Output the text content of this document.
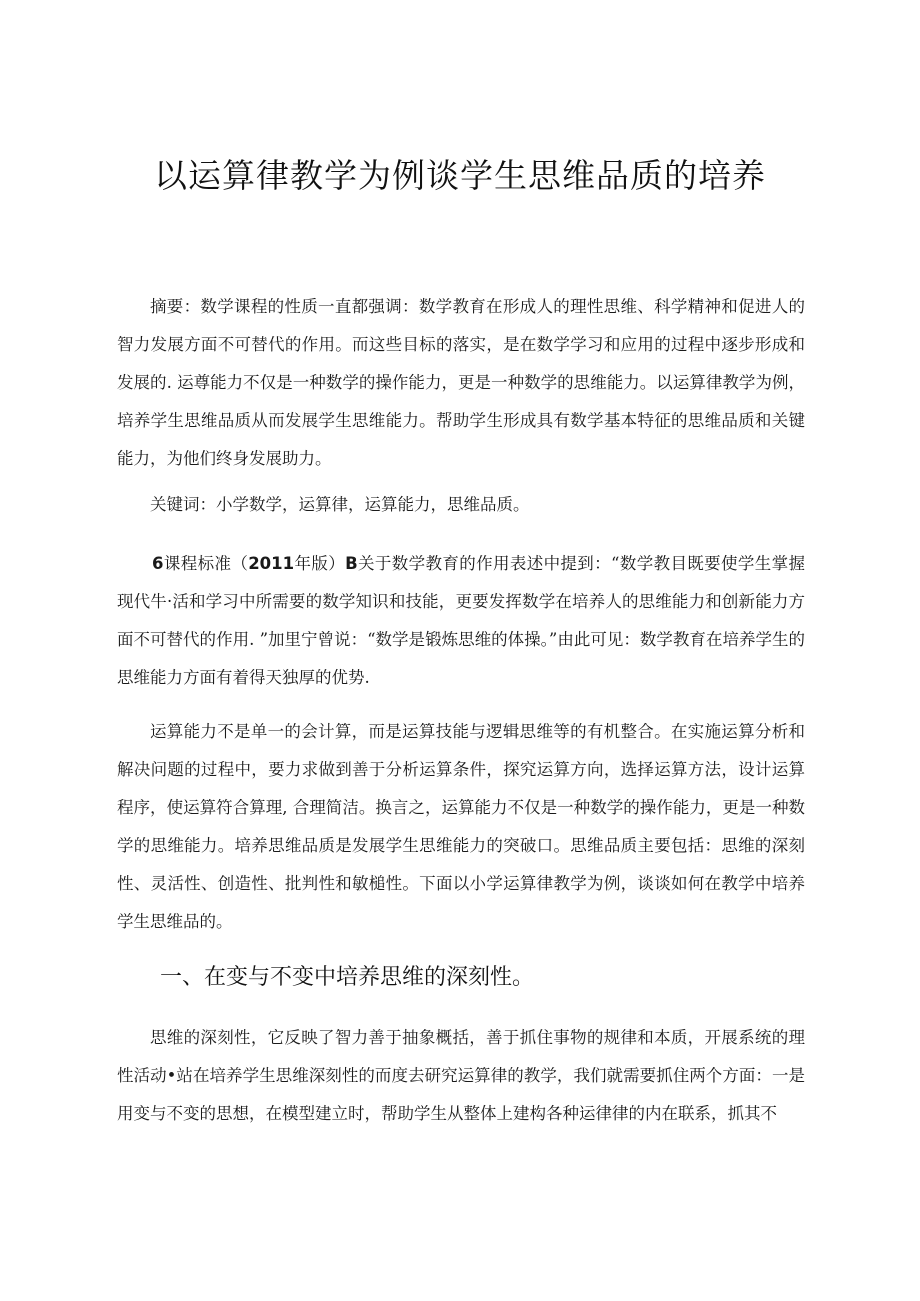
以运算律教学为例谈学生思维品质的培养

摘要：数学课程的性质一直都强调：数学教育在形成人的理性思维、科学精神和促进人的智力发展方面不可替代的作用。而这些目标的落实，是在数学学习和应用的过程中逐步形成和发展的. 运尊能力不仅是一种数学的操作能力，更是一种数学的思维能力。以运算律教学为例，培养学生思维品质从而发展学生思维能力。帮助学生形成具有数学基本特征的思维品质和关键能力，为他们终身发展助力。

关键词：小学数学，运算律，运算能力，思维品质。

6课程标准（2011年版）B关于数学教育的作用表述中提到：“数学教目既要使学生掌握现代牛·活和学习中所需要的数学知识和技能，更要发挥数学在培养人的思维能力和创新能力方面不可替代的作用. ”加里宁曾说：“数学是锻炼思维的体操。”由此可见：数学教育在培养学生的思维能力方面有着得天独厚的优势.

运算能力不是单一的会计算，而是运算技能与逻辑思维等的有机整合。在实施运算分析和解决问题的过程中，要力求做到善于分析运算条件，探究运算方向，选择运算方法，设计运算程序，使运算符合算理, 合理简洁。换言之，运算能力不仅是一种数学的操作能力，更是一种数学的思维能力。培养思维品质是发展学生思维能力的突破口。思维品质主要包括：思维的深刻性、灵活性、创造性、批判性和敏槌性。下面以小学运算律教学为例，谈谈如何在教学中培养学生思维品的。

一、在变与不变中培养思维的深刻性。

思维的深刻性，它反映了智力善于抽象概括，善于抓住事物的规律和本质，开展系统的理性活动•站在培养学生思维深刻性的而度去研究运算律的教学，我们就需要抓住两个方面：一是用变与不变的思想，在模型建立时，帮助学生从整体上建构各种运律律的内在联系，抓其不
